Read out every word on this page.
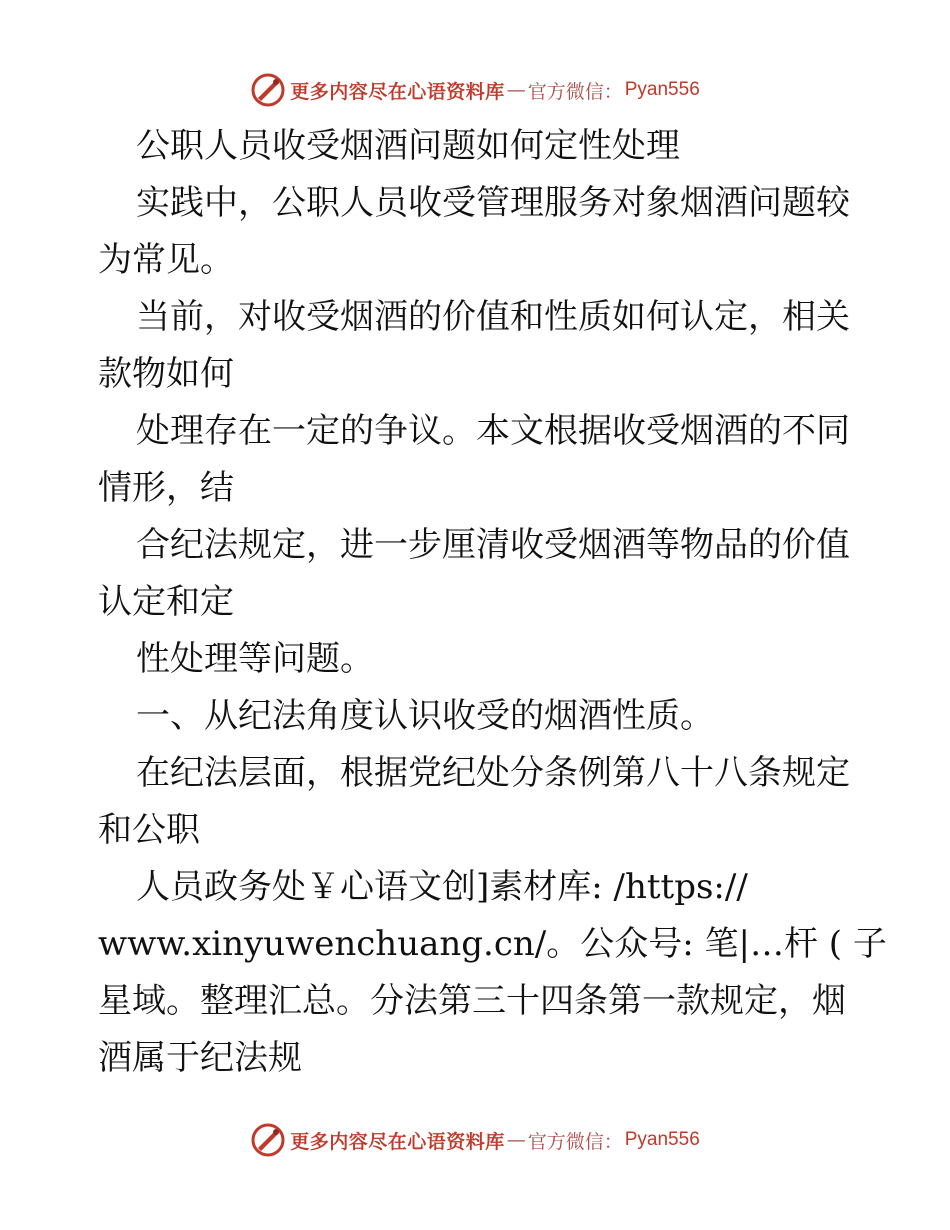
更多内容尽在心语资料库 — 官方微信： Pyan556

公职人员收受烟酒问题如何定性处理

实践中，公职人员收受管理服务对象烟酒问题较

为常见。

当前，对收受烟酒的价值和性质如何认定，相关

款物如何

处理存在一定的争议。本文根据收受烟酒的不同

情形，结

合纪法规定，进一步厘清收受烟酒等物品的价值

认定和定

性处理等问题。

一、从纪法角度认识收受的烟酒性质。

在纪法层面，根据党纪处分条例第八十八条规定

和公职

人员政务处￥心语文创]素材库: /https://

www.xinyuwenchuang.cn/。公众号: 笔|…杆 ( 子

星域。整理汇总。分法第三十四条第一款规定，烟

酒属于纪法规

更多内容尽在心语资料库 — 官方微信： Pyan556
